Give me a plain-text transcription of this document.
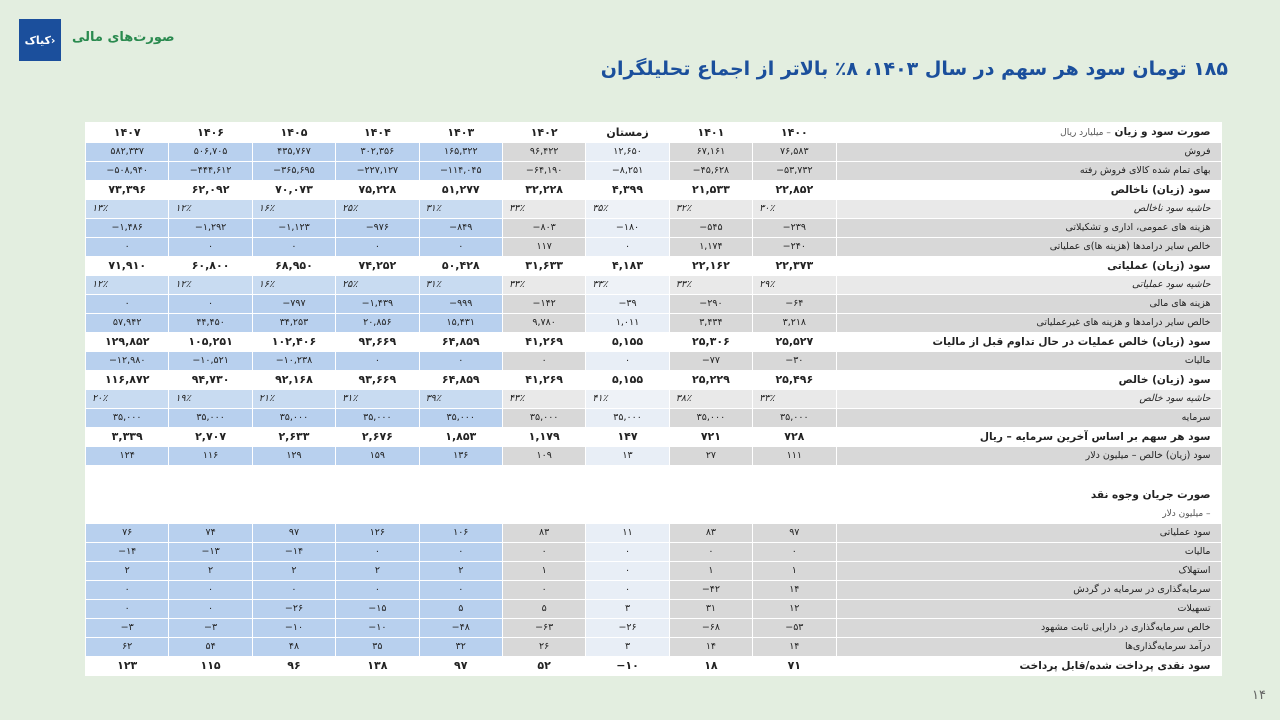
کیاک›	صورت‌های مالی
۱۸۵ تومان سود هر سهم در سال ۱۴۰۳، ۸٪ بالاتر از اجماع تحلیلگران
۱۴۰۷	۱۴۰۶	۱۴۰۵	۱۴۰۴	۱۴۰۳	۱۴۰۲	زمستان	۱۴۰۱	۱۴۰۰	صورت سود و زیان – میلیارد ریال
۵۸۲,۳۳۷	۵۰۶,۷۰۵	۴۳۵,۷۶۷	۳۰۲,۳۵۶	۱۶۵,۳۲۲	۹۶,۴۲۲	۱۲,۶۵۰	۶۷,۱۶۱	۷۶,۵۸۳	فروش
−۵۰۸,۹۴۰	−۴۴۴,۶۱۲	−۳۶۵,۶۹۵	−۲۲۷,۱۲۷	−۱۱۴,۰۴۵	−۶۴,۱۹۰	−۸,۲۵۱	−۴۵,۶۲۸	−۵۳,۷۳۲	بهای تمام شده کالای فروش رفته
۷۳,۳۹۶	۶۲,۰۹۲	۷۰,۰۷۳	۷۵,۲۲۸	۵۱,۲۷۷	۳۲,۲۲۸	۴,۳۹۹	۲۱,۵۳۳	۲۲,۸۵۲	سود (زیان) ناخالص
۱۳٪	۱۲٪	۱۶٪	۲۵٪	۳۱٪	۳۳٪	۳۵٪	۳۲٪	۳۰٪	حاشیه سود ناخالص
−۱,۴۸۶	−۱,۲۹۲	−۱,۱۲۳	−۹۷۶	−۸۴۹	−۸۰۳	−۱۸۰	−۵۴۵	−۲۳۹	هزینه های عمومی، اداری و تشکیلاتی
۰	۰	۰	۰	۰	۱۱۷	۰	۱,۱۷۴	−۲۴۰	خالص سایر درامدها (هزینه ها)ی عملیاتی
۷۱,۹۱۰	۶۰,۸۰۰	۶۸,۹۵۰	۷۴,۲۵۲	۵۰,۴۲۸	۳۱,۶۳۳	۴,۱۸۳	۲۲,۱۶۲	۲۲,۳۷۳	سود (زیان) عملیاتی
۱۲٪	۱۲٪	۱۶٪	۲۵٪	۳۱٪	۳۳٪	۳۳٪	۳۳٪	۲۹٪	حاشیه سود عملیاتی
۰	۰	−۷۹۷	−۱,۴۳۹	−۹۹۹	−۱۴۲	−۳۹	−۲۹۰	−۶۴	هزینه های مالی
۵۷,۹۴۲	۴۴,۴۵۰	۳۴,۲۵۳	۲۰,۸۵۶	۱۵,۴۳۱	۹,۷۸۰	۱,۰۱۱	۳,۴۳۴	۳,۲۱۸	خالص سایر درامدها و هزینه های غیرعملیاتی
۱۲۹,۸۵۲	۱۰۵,۲۵۱	۱۰۲,۴۰۶	۹۳,۶۶۹	۶۴,۸۵۹	۴۱,۲۶۹	۵,۱۵۵	۲۵,۳۰۶	۲۵,۵۲۷	سود (زیان) خالص عملیات در حال تداوم قبل از مالیات
−۱۲,۹۸۰	−۱۰,۵۲۱	−۱۰,۲۳۸	۰	۰	۰	۰	−۷۷	−۳۰	مالیات
۱۱۶,۸۷۲	۹۴,۷۳۰	۹۲,۱۶۸	۹۳,۶۶۹	۶۴,۸۵۹	۴۱,۲۶۹	۵,۱۵۵	۲۵,۲۲۹	۲۵,۴۹۶	سود (زیان) خالص
۲۰٪	۱۹٪	۲۱٪	۳۱٪	۳۹٪	۴۳٪	۴۱٪	۳۸٪	۳۳٪	حاشیه سود خالص
۳۵,۰۰۰	۳۵,۰۰۰	۳۵,۰۰۰	۳۵,۰۰۰	۳۵,۰۰۰	۳۵,۰۰۰	۳۵,۰۰۰	۳۵,۰۰۰	۳۵,۰۰۰	سرمایه
۳,۳۳۹	۲,۷۰۷	۲,۶۳۳	۲,۶۷۶	۱,۸۵۳	۱,۱۷۹	۱۴۷	۷۲۱	۷۲۸	سود هر سهم بر اساس آخرین سرمایه – ریال
۱۲۴	۱۱۶	۱۲۹	۱۵۹	۱۳۶	۱۰۹	۱۳	۲۷	۱۱۱	سود (زیان) خالص – میلیون دلار

									صورت جریان وجوه نقد
– میلیون دلار
۷۶	۷۴	۹۷	۱۲۶	۱۰۶	۸۳	۱۱	۸۳	۹۷	سود عملیاتی
−۱۴	−۱۳	−۱۴	۰	۰	۰	۰	۰	۰	مالیات
۲	۲	۲	۲	۲	۱	۰	۱	۱	استهلاک
۰	۰	۰	۰	۰	۰	۰	−۴۲	۱۴	سرمایه‌گذاری در سرمایه در گردش
۰	۰	−۲۶	−۱۵	۵	۵	۳	۳۱	۱۲	تسهیلات
−۳	−۳	−۱۰	−۱۰	−۴۸	−۶۳	−۲۶	−۶۸	−۵۳	خالص سرمایه‌گذاری در دارایی ثابت مشهود
۶۲	۵۴	۴۸	۳۵	۳۲	۲۶	۳	۱۴	۱۴	درآمد سرمایه‌گذاری‌ها
۱۲۳	۱۱۵	۹۶	۱۳۸	۹۷	۵۲	−۱۰	۱۸	۷۱	سود نقدی پرداخت شده/قابل پرداخت
۱۴
